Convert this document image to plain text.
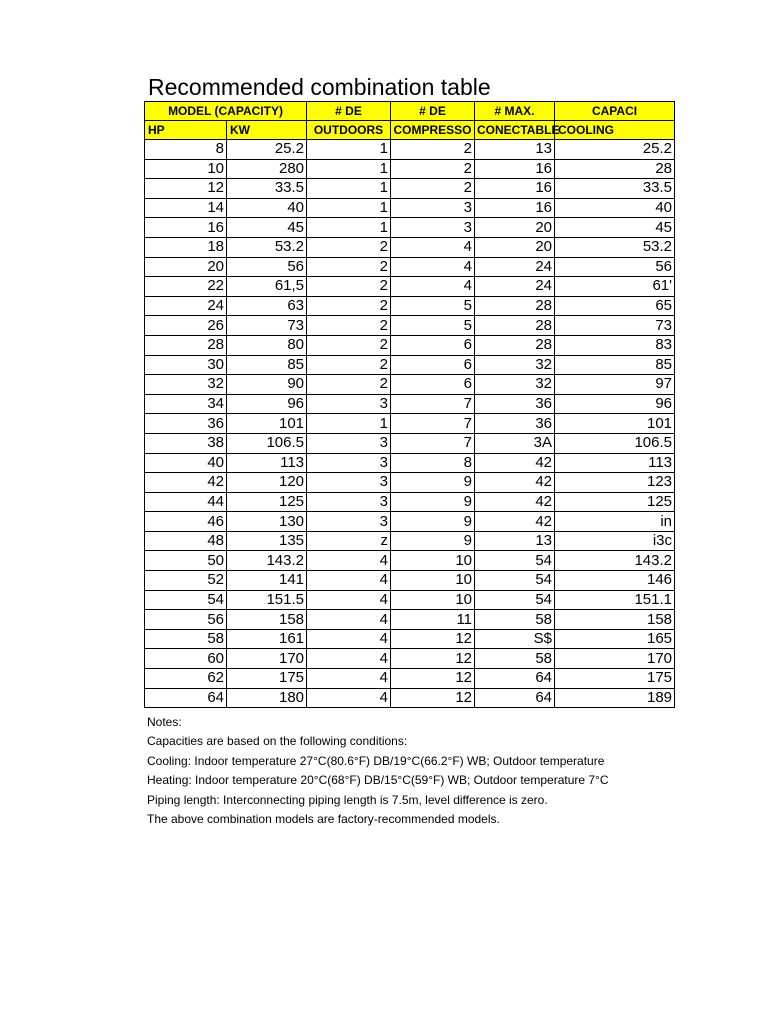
Recommended combination table
MODEL (CAPACITY)		# DE	# DE	# MAX.	CAPACI
HP	KW	OUTDOORS	COMPRESSO	CONECTABLE	COOLING
8	25.2	1	2	13	25.2
10	280	1	2	16	28
12	33.5	1	2	16	33.5
14	40	1	3	16	40
16	45	1	3	20	45
18	53.2	2	4	20	53.2
20	56	2	4	24	56
22	61,5	2	4	24	61'
24	63	2	5	28	65
26	73	2	5	28	73
28	80	2	6	28	83
30	85	2	6	32	85
32	90	2	6	32	97
34	96	3	7	36	96
36	101	1	7	36	101
38	106.5	3	7	3A	106.5
40	113	3	8	42	113
42	120	3	9	42	123
44	125	3	9	42	125
46	130	3	9	42	in
48	135	z	9	13	i3c
50	143.2	4	10	54	143.2
52	141	4	10	54	146
54	151.5	4	10	54	151.1
56	158	4	11	58	158
58	161	4	12	S$	165
60	170	4	12	58	170
62	175	4	12	64	175
64	180	4	12	64	189
Notes:
Capacities are based on the following conditions:
Cooling: Indoor temperature 27°C(80.6°F) DB/19°C(66.2°F) WB; Outdoor temperature
Heating: Indoor temperature 20°C(68°F) DB/15°C(59°F) WB; Outdoor temperature 7°C
Piping length: Interconnecting piping length is 7.5m, level difference is zero.
The above combination models are factory-recommended models.
